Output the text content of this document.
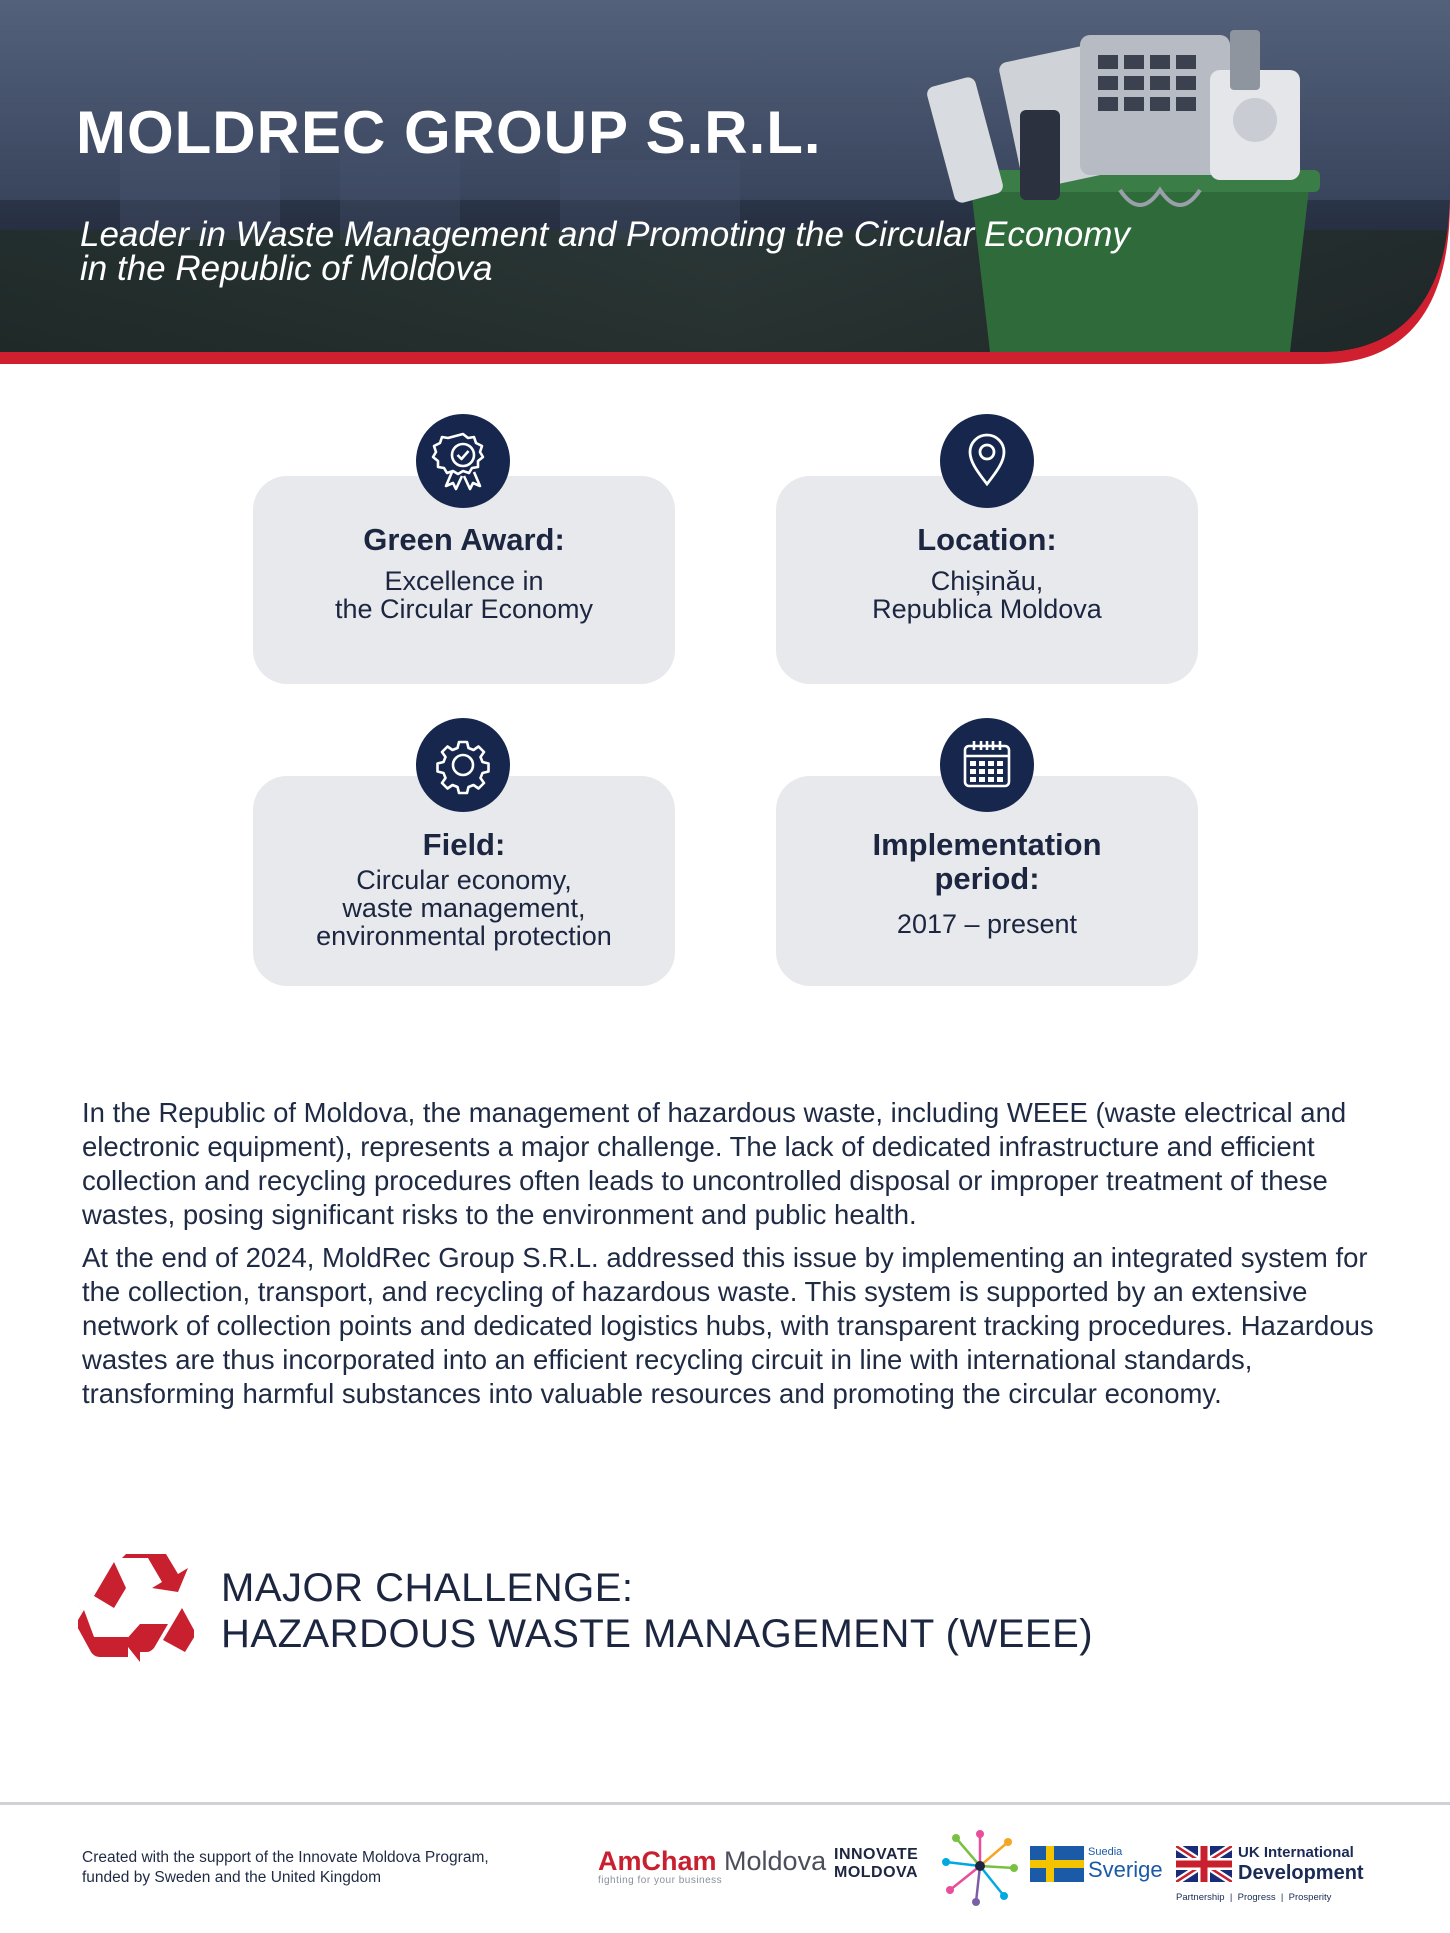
MOLDREC GROUP S.R.L.
Leader in Waste Management and Promoting the Circular Economy
in the Republic of Moldova
Green Award:
Excellence in
the Circular Economy
Location:
Chișinău,
Republica Moldova
Field:
Circular economy,
waste management,
environmental protection
Implementation
period:
2017 – present

In the Republic of Moldova, the management of hazardous waste, including WEEE (waste electrical and electronic equipment), represents a major challenge. The lack of dedicated infrastructure and efficient collection and recycling procedures often leads to uncontrolled disposal or improper treatment of these wastes, posing significant risks to the environment and public health.

At the end of 2024, MoldRec Group S.R.L. addressed this issue by implementing an integrated system for the collection, transport, and recycling of hazardous waste. This system is supported by an extensive network of collection points and dedicated logistics hubs, with transparent tracking procedures. Hazardous wastes are thus incorporated into an efficient recycling circuit in line with international standards, transforming harmful substances into valuable resources and promoting the circular economy.

MAJOR CHALLENGE:
HAZARDOUS WASTE MANAGEMENT (WEEE)
Created with the support of the Innovate Moldova Program,
funded by Sweden and the United Kingdom
AmCham Moldova
fighting for your business
INNOVATE
MOLDOVA
Suedia
Sverige
UK International
Development
Partnership  |  Progress  |  Prosperity
